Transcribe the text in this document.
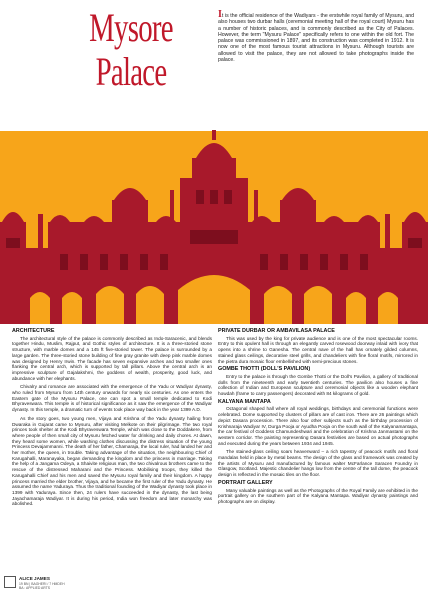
Mysore
Palace
It is the official residence of the Wadiyars - the erstwhile royal family of Mysuru, and also houses two durbar halls (ceremonial meeting hall of the royal court) Mysuru has a number of historic palaces, and is commonly described as the City of Palaces. However, the term "Mysuru Palace" specifically refers to one within the old fort. The palace was commissioned in 1897, and its construction was completed in 1912. It is now one of the most famous tourist attractions in Mysuru. Although tourists are allowed to visit the palace, they are not allowed to take photographs inside the palace.
ARCHITECTURE
The architectural style of the palace is commonly described as Indo-Saracenic, and blends together Hindu, Muslim, Rajput, and Gothic styles of architecture. It is a three-storied stone structure, with marble domes and a 145 ft five-storied tower. The palace is surrounded by a large garden. The three-storied stone building of fine gray granite with deep pink marble domes was designed by Henry Irwin. The facade has seven expansive arches and two smaller ones flanking the central arch, which is supported by tall pillars. Above the central arch is an impressive sculpture of Gajalakshmi, the goddess of wealth, prosperity, good luck, and abundance with her elephants.
Chivalry and romance are associated with the emergence of the Yadu or Wadiyar dynasty, who ruled from Mysuru from 14th century onwards for nearly six centuries. As one enters the Eastern gate of the Mysuru Palace, one can spot a small temple dedicated to Kodi Bhyraveswara. This temple is of historical significance as it saw the emergence of the Wadiyar dynasty. In this temple, a dramatic turn of events took place way back in the year 1399 A.D.
As the story goes, two young men, Vijaya and Krishna of the Yadu dynasty hailing from Dwaraka in Gujarat came to Mysuru, after visiting Melkote on their pilgrimage. The two royal princes took shelter at the Kodi Bhyraveswara Temple, which was close to the Doddakere, from where people of then small city of Mysuru fetched water for drinking and daily chores. At dawn, they heard some women, while washing clothes discussing the distress situation of the young Princess Devajammanni. The death of her father, Chamaraja, the local ruler, had landed her and her mother, the queen, in trouble. Taking advantage of the situation, the neighbouring Chief of Karugahalli, Maranayaka, began demanding the kingdom and the princess in marriage. Taking the help of a Jangama Odeya, a Shaivite religious man, the two chivalrous brothers came to the rescue of the distressed Maharani and the Princess. Mobilising troops, they killed the Karugahalli Chief and his men and saved the Mysuru royal family and their kingdom. A happy princess married the elder brother, Vijaya, and he became the first ruler of the Yadu dynasty. He assumed the name Yaduraya. Thus the traditional founding of the Wadiyar dynasty took place in 1399 with Yaduraya. Since then, 24 rulers have succeeded in the dynasty, the last being Jayachamaraja Wadiyar. It is during his period, India won freedom and later monarchy was abolished.
PRIVATE DURBAR OR AMBAVILASA PALACE
This was used by the king for private audience and is one of the most spectacular rooms. Entry to this opulent hall is through an elegantly carved rosewood doorway inlaid with ivory that opens into a shrine to Ganesha. The central nave of the hall has ornately gilded columns, stained glass ceilings, decorative steel grills, and chandeliers with fine floral motifs, mirrored in the pietra dura mosaic floor embellished with semi-precious stones.
GOMBE THOTTI (DOLL'S PAVILION)
Entry to the palace is through the Gombe Thotti or the Doll's Pavilion, a gallery of traditional dolls from the nineteenth and early twentieth centuries. The pavilion also houses a fine collection of Indian and European sculpture and ceremonial objects like a wooden elephant howdah (frame to carry passengers) decorated with 84 kilograms of gold.
KALYANA MANTAPA
Octagonal shaped hall where all royal weddings, birthdays and ceremonial functions were celebrated. Dome supported by clusters of pillars are of cast iron. There are 26 paintings which depict Dasara procession. There also four other subjects such as the birthday procession of Krishnaraja Wadiyar IV, Durga Pooja or Ayudha Pooja on the south wall of the Kalyanamantapa, the car festival of Goddess Chamundeshwari and the celebration of Krishna Janmastami on the western corridor. The painting representing Dasara festivities are based on actual photographs and executed during the years between 1934 and 1945.
The stained-glass ceiling soars heavenward – a rich tapestry of peacock motifs and floral mandalas held in place by metal beams. The design of the glass and framework was created by the artists of Mysuru and manufactured by famous walter McFarlance Saracen Foundry in Glasgow, Scotland. Majestic chandelier hangs low from the centre of the tall dome, the peacock design is reflected in the mosaic tiles on the floor.
PORTRAIT GALLERY
Many valuable paintings as well as the Photographs of the Royal Family are exhibited in the portrait gallery on the southern part of the Kalyana Mantapa. Wadiyar dynasty paintings and photographs are on display.
ALICE JAMES
19 BN | BAGHERI / 7 HMDEH
BA : APPLIED ARTS
